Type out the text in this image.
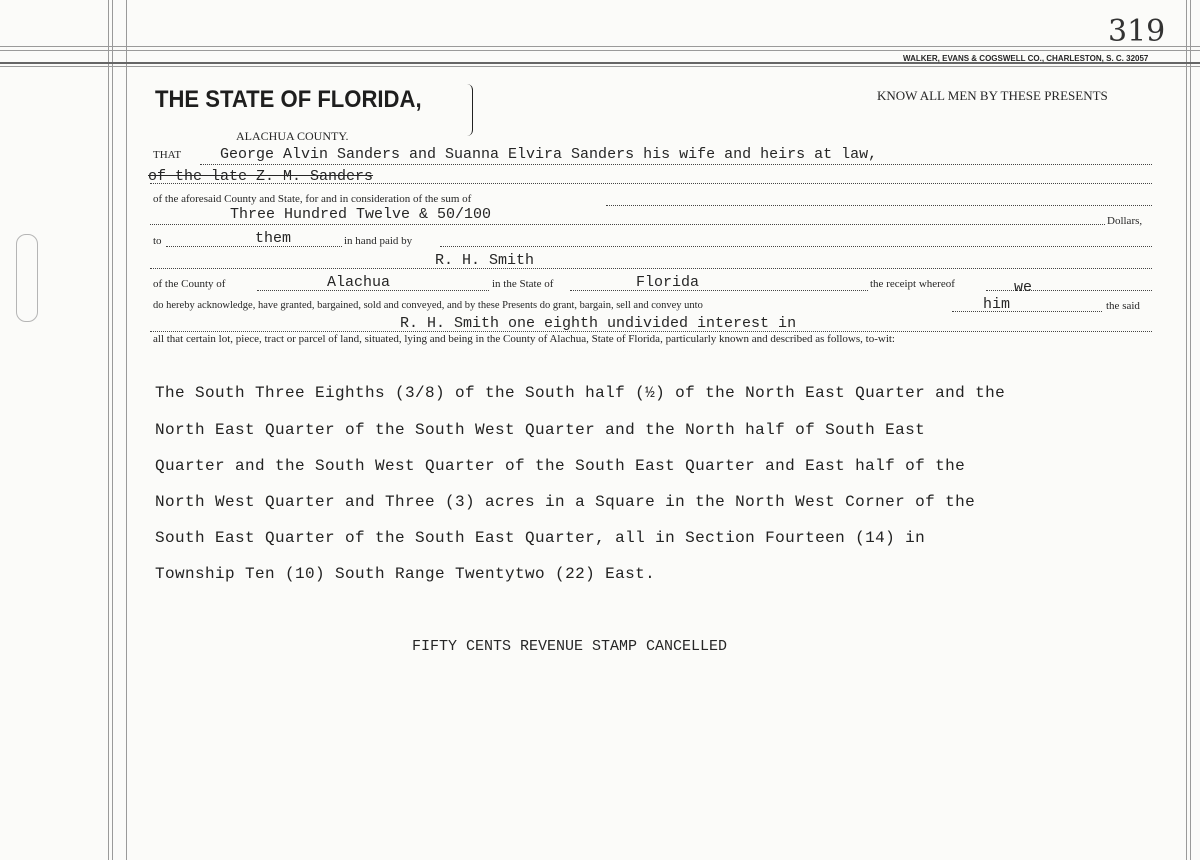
319
WALKER, EVANS & COGSWELL CO., CHARLESTON, S. C. 32057
THE STATE OF FLORIDA,
ALACHUA COUNTY.
KNOW ALL MEN BY THESE PRESENTS
THAT	George Alvin Sanders and Suanna Elvira Sanders his wife and heirs at law,
of the late Z. M. Sanders
of the aforesaid County and State, for and in consideration of the sum of
Three Hundred Twelve & 50/100	Dollars,
to	them	in hand paid by
R. H. Smith
of the County of	Alachua	in the State of	Florida	the receipt whereof	we
do hereby acknowledge, have granted, bargained, sold and conveyed, and by these Presents do grant, bargain, sell and convey unto	him	the said
R. H. Smith one eighth undivided interest in
all that certain lot, piece, tract or parcel of land, situated, lying and being in the County of Alachua, State of Florida, particularly known and described as follows, to-wit:
The South Three Eighths (3/8) of the South half (½) of the North East Quarter and the
North East Quarter of the South West Quarter and the North half of South East
Quarter and the South West Quarter of the South East Quarter and East half of the
North West Quarter and Three (3) acres in a Square in the North West Corner of the
South East Quarter of the South East Quarter, all in Section Fourteen (14) in
Township Ten (10) South Range Twentytwo (22) East.
FIFTY CENTS REVENUE STAMP CANCELLED
